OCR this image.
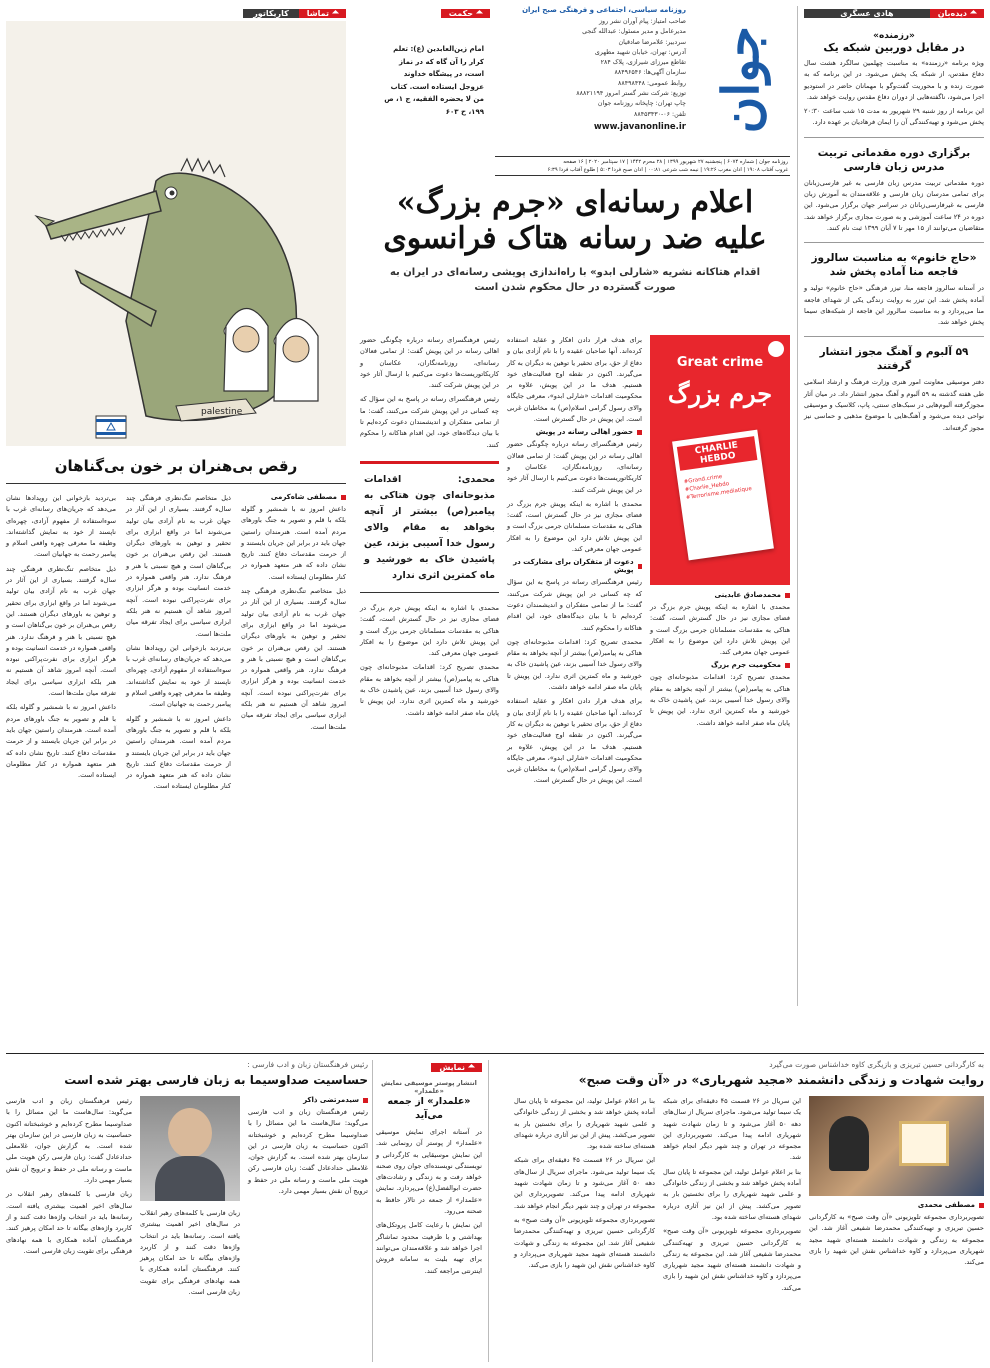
جوان
روزنامه سیاسی، اجتماعی و فرهنگی صبح ایران
صاحب امتیاز: پیام آوران نشر روز
مدیرعامل و مدیر مسئول: عبدالله گنجی
سردبیر: غلامرضا صادقیان
آدرس: تهران، خیابان شهید مطهری
تقاطع میرزای شیرازی، پلاک ۲۸۴
سازمان آگهی‌ها: ۸۸۴۹۶۵۴۶
روابط عمومی: ۸۸۴۹۸۴۴۸
توزیع: شرکت نشر گستر امروز ۸۸۸۲۱۱۹۴
چاپ تهران: چاپخانه روزنامه جوان
تلفن: ۰۶-۸۸۴۵۳۴۳۰
www.javanonline.ir
روزنامه جوان | شماره ۶۰۷۴ | پنجشنبه ۲۷ شهریور ۱۳۹۹ | ۲۸ محرم ۱۴۴۲ | ۱۷ سپتامبر ۲۰۲۰ | ۱۶ صفحه
غروب آفتاب ۱۹:۰۸ | اذان مغرب ۱۹:۲۶ | نیمه شب شرعی ۰۰:۸۱ | اذان صبح فردا ۵:۰۳ | طلوع آفتاب فردا ۶:۳۹
حکمت
امام زین‌العابدین (ع): تعلم کرار را آن گاه که در نماز است، در پیشگاه خداوند عزوجل ایستاده است. کتاب من لا یحضره الفقیه، ج ۱، ص ۱۹۹، ح ۶۰۳
تماشا
کاریکاتور
palestine
دیده‌بان
هادی عسگری
«رزمنده»
در مقابل دوربین شبکه یک
ویژه برنامه «رزمنده» به مناسبت چهلمین سالگرد هشت سال دفاع مقدس، از شبکه یک پخش می‌شود. در این برنامه که به صورت زنده و با محوریت گفت‌وگو با مهمانان حاضر در استودیو اجرا می‌شود، ناگفته‌هایی از دوران دفاع مقدس روایت خواهد شد.
این برنامه از روز شنبه ۲۹ شهریور به مدت ۱۵ شب ساعت ۲۰:۳۰ پخش می‌شود و تهیه‌کنندگی آن را ایمان فرهادیان بر عهده دارد.
برگزاری دوره مقدماتی تربیت مدرس زبان فارسی
دوره مقدماتی تربیت مدرس زبان فارسی به غیر فارسی‌زبانان برای تمامی مدرسان زبان فارسی و علاقه‌مندان به آموزش زبان فارسی به غیرفارسی‌زبانان در سراسر جهان برگزار می‌شود. این دوره در ۲۴ ساعت آموزشی و به صورت مجازی برگزار خواهد شد. متقاضیان می‌توانند از ۱۵ مهر تا ۷ آبان ۱۳۹۹ ثبت نام کنند.
«حاج خانوم» به مناسبت سالروز فاجعه منا آماده پخش شد
در آستانه سالروز فاجعه منا، تیزر فرهنگی «حاج خانوم» تولید و آماده پخش شد. این تیزر به روایت زندگی یکی از شهدای فاجعه منا می‌پردازد و به مناسبت سالروز این فاجعه از شبکه‌های سیما پخش خواهد شد.
۵۹ آلبوم و آهنگ مجوز انتشار گرفتند
دفتر موسیقی معاونت امور هنری وزارت فرهنگ و ارشاد اسلامی طی هفته گذشته به ۵۹ آلبوم و آهنگ مجوز انتشار داد. در میان آثار مجوزگرفته آلبوم‌هایی در سبک‌های سنتی، پاپ، کلاسیک و موسیقی نواحی دیده می‌شود و آهنگ‌هایی با موضوع مذهبی و حماسی نیز مجوز گرفته‌اند.
اعلام رسانه‌ای «جرم بزرگ»
علیه ضد رسانه هتاک فرانسوی
اقدام هتاکانه نشریه «شارلی ابدو» با راه‌اندازی پویشی رسانه‌ای در ایران به صورت گسترده در حال محکوم شدن است
Great crime
جرم بزرگ
CHARLIE HEBDO
#Grand.crime #Charlie_Hebdo #Terrorisme.mediatique
محمدصادق عابدینی
محمدی با اشاره به اینکه پویش جرم بزرگ در فضای مجازی نیز در حال گسترش است، گفت: هتاکی به مقدسات مسلمانان جرمی بزرگ است و این پویش تلاش دارد این موضوع را به افکار عمومی جهان معرفی کند.
محکومیت جرم بزرگ
محمدی تصریح کرد: اقدامات مذبوحانه‌ای چون هتاکی به پیامبر(ص) بیشتر از آنچه بخواهد به مقام والای رسول خدا آسیبی بزند، عین پاشیدن خاک به خورشید و ماه کمترین اثری ندارد. این پویش تا پایان ماه صفر ادامه خواهد داشت.
برای هدف قرار دادن افکار و عقاید استفاده کرده‌اند. آنها صاحبان عقیده را با نام آزادی بیان و دفاع از حق، برای تحقیر یا توهین به دیگران به کار می‌گیرند. اکنون در نقطه اوج فعالیت‌های خود هستیم. هدف ما در این پویش، علاوه بر محکومیت اقدامات «شارلی ابدو»، معرفی جایگاه والای رسول گرامی اسلام(ص) به مخاطبان غربی است. این پویش در حال گسترش است.
حضور اهالی رسانه در پویش
رئیس فرهنگسرای رسانه درباره چگونگی حضور اهالی رسانه در این پویش گفت: از تمامی فعالان رسانه‌ای، روزنامه‌نگاران، عکاسان و کاریکاتوریست‌ها دعوت می‌کنیم با ارسال آثار خود در این پویش شرکت کنند.
محمدی با اشاره به اینکه پویش جرم بزرگ در فضای مجازی نیز در حال گسترش است، گفت: هتاکی به مقدسات مسلمانان جرمی بزرگ است و این پویش تلاش دارد این موضوع را به افکار عمومی جهان معرفی کند.
دعوت از متفکران برای مشارکت در پویش
رئیس فرهنگسرای رسانه در پاسخ به این سؤال که چه کسانی در این پویش شرکت می‌کنند، گفت: ما از تمامی متفکران و اندیشمندان دعوت کرده‌ایم تا با بیان دیدگاه‌های خود، این اقدام هتاکانه را محکوم کنند.
محمدی تصریح کرد: اقدامات مذبوحانه‌ای چون هتاکی به پیامبر(ص) بیشتر از آنچه بخواهد به مقام والای رسول خدا آسیبی بزند، عین پاشیدن خاک به خورشید و ماه کمترین اثری ندارد. این پویش تا پایان ماه صفر ادامه خواهد داشت.
برای هدف قرار دادن افکار و عقاید استفاده کرده‌اند. آنها صاحبان عقیده را با نام آزادی بیان و دفاع از حق، برای تحقیر یا توهین به دیگران به کار می‌گیرند. اکنون در نقطه اوج فعالیت‌های خود هستیم. هدف ما در این پویش، علاوه بر محکومیت اقدامات «شارلی ابدو»، معرفی جایگاه والای رسول گرامی اسلام(ص) به مخاطبان غربی است. این پویش در حال گسترش است.
رئیس فرهنگسرای رسانه درباره چگونگی حضور اهالی رسانه در این پویش گفت: از تمامی فعالان رسانه‌ای، روزنامه‌نگاران، عکاسان و کاریکاتوریست‌ها دعوت می‌کنیم با ارسال آثار خود در این پویش شرکت کنند.
رئیس فرهنگسرای رسانه در پاسخ به این سؤال که چه کسانی در این پویش شرکت می‌کنند، گفت: ما از تمامی متفکران و اندیشمندان دعوت کرده‌ایم تا با بیان دیدگاه‌های خود، این اقدام هتاکانه را محکوم کنند.
محمدی: اقدامات مذبوحانه‌ای چون هتاکی به پیامبر(ص) بیشتر از آنچه بخواهد به مقام والای رسول خدا آسیبی بزند، عین پاشیدن خاک به خورشید و ماه کمترین اثری ندارد
محمدی با اشاره به اینکه پویش جرم بزرگ در فضای مجازی نیز در حال گسترش است، گفت: هتاکی به مقدسات مسلمانان جرمی بزرگ است و این پویش تلاش دارد این موضوع را به افکار عمومی جهان معرفی کند.
محمدی تصریح کرد: اقدامات مذبوحانه‌ای چون هتاکی به پیامبر(ص) بیشتر از آنچه بخواهد به مقام والای رسول خدا آسیبی بزند، عین پاشیدن خاک به خورشید و ماه کمترین اثری ندارد. این پویش تا پایان ماه صفر ادامه خواهد داشت.
رقص بی‌هنران بر خون بی‌گناهان
مصطفی شاه‌کرمی
داعش امروز نه با شمشیر و گلوله بلکه با قلم و تصویر به جنگ باورهای مردم آمده است. هنرمندان راستین جهان باید در برابر این جریان بایستند و از حرمت مقدسات دفاع کنند. تاریخ نشان داده که هنر متعهد همواره در کنار مظلومان ایستاده است.
ذیل متخاصم تنگ‌نظری فرهنگی چند سال‌ه گرفتند. بسیاری از این آثار در جهان غرب به نام آزادی بیان تولید می‌شوند اما در واقع ابزاری برای تحقیر و توهین به باورهای دیگران هستند. این رقص بی‌هنران بر خون بی‌گناهان است و هیچ نسبتی با هنر و فرهنگ ندارد. هنر واقعی همواره در خدمت انسانیت بوده و هرگز ابزاری برای نفرت‌پراکنی نبوده است. آنچه امروز شاهد آن هستیم نه هنر بلکه ابزاری سیاسی برای ایجاد تفرقه میان ملت‌ها است.
ذیل متخاصم تنگ‌نظری فرهنگی چند سال‌ه گرفتند. بسیاری از این آثار در جهان غرب به نام آزادی بیان تولید می‌شوند اما در واقع ابزاری برای تحقیر و توهین به باورهای دیگران هستند. این رقص بی‌هنران بر خون بی‌گناهان است و هیچ نسبتی با هنر و فرهنگ ندارد. هنر واقعی همواره در خدمت انسانیت بوده و هرگز ابزاری برای نفرت‌پراکنی نبوده است. آنچه امروز شاهد آن هستیم نه هنر بلکه ابزاری سیاسی برای ایجاد تفرقه میان ملت‌ها است.
بی‌تردید بازخوانی این رویدادها نشان می‌دهد که جریان‌های رسانه‌ای غرب با سوءاستفاده از مفهوم آزادی، چهره‌ای ناپسند از خود به نمایش گذاشته‌اند. وظیفه ما معرفی چهره واقعی اسلام و پیامبر رحمت به جهانیان است.
داعش امروز نه با شمشیر و گلوله بلکه با قلم و تصویر به جنگ باورهای مردم آمده است. هنرمندان راستین جهان باید در برابر این جریان بایستند و از حرمت مقدسات دفاع کنند. تاریخ نشان داده که هنر متعهد همواره در کنار مظلومان ایستاده است.
بی‌تردید بازخوانی این رویدادها نشان می‌دهد که جریان‌های رسانه‌ای غرب با سوءاستفاده از مفهوم آزادی، چهره‌ای ناپسند از خود به نمایش گذاشته‌اند. وظیفه ما معرفی چهره واقعی اسلام و پیامبر رحمت به جهانیان است.
ذیل متخاصم تنگ‌نظری فرهنگی چند سال‌ه گرفتند. بسیاری از این آثار در جهان غرب به نام آزادی بیان تولید می‌شوند اما در واقع ابزاری برای تحقیر و توهین به باورهای دیگران هستند. این رقص بی‌هنران بر خون بی‌گناهان است و هیچ نسبتی با هنر و فرهنگ ندارد. هنر واقعی همواره در خدمت انسانیت بوده و هرگز ابزاری برای نفرت‌پراکنی نبوده است. آنچه امروز شاهد آن هستیم نه هنر بلکه ابزاری سیاسی برای ایجاد تفرقه میان ملت‌ها است.
داعش امروز نه با شمشیر و گلوله بلکه با قلم و تصویر به جنگ باورهای مردم آمده است. هنرمندان راستین جهان باید در برابر این جریان بایستند و از حرمت مقدسات دفاع کنند. تاریخ نشان داده که هنر متعهد همواره در کنار مظلومان ایستاده است.
به کارگردانی حسین تبریزی و بازیگری کاوه خداشناس صورت می‌گیرد
روایت شهادت و زندگی دانشمند «مجید شهریاری» در «آن وقت صبح»
مصطفی محمدی
تصویربرداری مجموعه تلویزیونی «آن وقت صبح» به کارگردانی حسین تبریزی و تهیه‌کنندگی محمدرضا شفیعی آغاز شد. این مجموعه به زندگی و شهادت دانشمند هسته‌ای شهید مجید شهریاری می‌پردازد و کاوه خداشناس نقش این شهید را بازی می‌کند.
این سریال در ۲۶ قسمت ۴۵ دقیقه‌ای برای شبکه یک سیما تولید می‌شود. ماجرای سریال از سال‌های دهه ۵۰ آغاز می‌شود و تا زمان شهادت شهید شهریاری ادامه پیدا می‌کند. تصویربرداری این مجموعه در تهران و چند شهر دیگر انجام خواهد شد.
بنا بر اعلام عوامل تولید، این مجموعه تا پایان سال آماده پخش خواهد شد و بخشی از زندگی خانوادگی و علمی شهید شهریاری را برای نخستین بار به تصویر می‌کشد. پیش از این نیز آثاری درباره شهدای هسته‌ای ساخته شده بود.
تصویربرداری مجموعه تلویزیونی «آن وقت صبح» به کارگردانی حسین تبریزی و تهیه‌کنندگی محمدرضا شفیعی آغاز شد. این مجموعه به زندگی و شهادت دانشمند هسته‌ای شهید مجید شهریاری می‌پردازد و کاوه خداشناس نقش این شهید را بازی می‌کند.
بنا بر اعلام عوامل تولید، این مجموعه تا پایان سال آماده پخش خواهد شد و بخشی از زندگی خانوادگی و علمی شهید شهریاری را برای نخستین بار به تصویر می‌کشد. پیش از این نیز آثاری درباره شهدای هسته‌ای ساخته شده بود.
این سریال در ۲۶ قسمت ۴۵ دقیقه‌ای برای شبکه یک سیما تولید می‌شود. ماجرای سریال از سال‌های دهه ۵۰ آغاز می‌شود و تا زمان شهادت شهید شهریاری ادامه پیدا می‌کند. تصویربرداری این مجموعه در تهران و چند شهر دیگر انجام خواهد شد.
تصویربرداری مجموعه تلویزیونی «آن وقت صبح» به کارگردانی حسین تبریزی و تهیه‌کنندگی محمدرضا شفیعی آغاز شد. این مجموعه به زندگی و شهادت دانشمند هسته‌ای شهید مجید شهریاری می‌پردازد و کاوه خداشناس نقش این شهید را بازی می‌کند.
نمایش
انتشار پوستر موسیقی نمایش «علمدار»
«علمدار» از جمعه می‌آید
در آستانه اجرای نمایش موسیقی «علمدار» از پوستر آن رونمایی شد. این نمایش موسیقایی به کارگردانی و نویسندگی نویسنده‌ای جوان روی صحنه خواهد رفت و به زندگی و رشادت‌های حضرت ابوالفضل(ع) می‌پردازد. نمایش «علمدار» از جمعه در تالار حافظ به صحنه می‌رود.
این نمایش با رعایت کامل پروتکل‌های بهداشتی و با ظرفیت محدود تماشاگر اجرا خواهد شد و علاقه‌مندان می‌توانند برای تهیه بلیت به سامانه فروش اینترنتی مراجعه کنند.
رئیس فرهنگستان زبان و ادب فارسی :
حساسیت صداوسیما به زبان فارسی بهتر شده است
سیدمرتضی ذاکر
رئیس فرهنگستان زبان و ادب فارسی می‌گوید: سال‌هاست ما این مسائل را با صداوسیما مطرح کرده‌ایم و خوشبختانه اکنون حساسیت به زبان فارسی در این سازمان بهتر شده است. به گزارش جوان، غلامعلی حدادعادل گفت: زبان فارسی رکن هویت ملی ماست و رسانه ملی در حفظ و ترویج آن نقش بسیار مهمی دارد.
رئیس فرهنگستان زبان و ادب فارسی می‌گوید: سال‌هاست ما این مسائل را با صداوسیما مطرح کرده‌ایم و خوشبختانه اکنون حساسیت به زبان فارسی در این سازمان بهتر شده است. به گزارش جوان، غلامعلی حدادعادل گفت: زبان فارسی رکن هویت ملی ماست و رسانه ملی در حفظ و ترویج آن نقش بسیار مهمی دارد.
زبان فارسی با کلمه‌های رهبر انقلاب در سال‌های اخیر اهمیت بیشتری یافته است. رسانه‌ها باید در انتخاب واژه‌ها دقت کنند و از کاربرد واژه‌های بیگانه تا حد امکان پرهیز کنند. فرهنگستان آماده همکاری با همه نهادهای فرهنگی برای تقویت زبان فارسی است.
زبان فارسی با کلمه‌های رهبر انقلاب در سال‌های اخیر اهمیت بیشتری یافته است. رسانه‌ها باید در انتخاب واژه‌ها دقت کنند و از کاربرد واژه‌های بیگانه تا حد امکان پرهیز کنند. فرهنگستان آماده همکاری با همه نهادهای فرهنگی برای تقویت زبان فارسی است.
